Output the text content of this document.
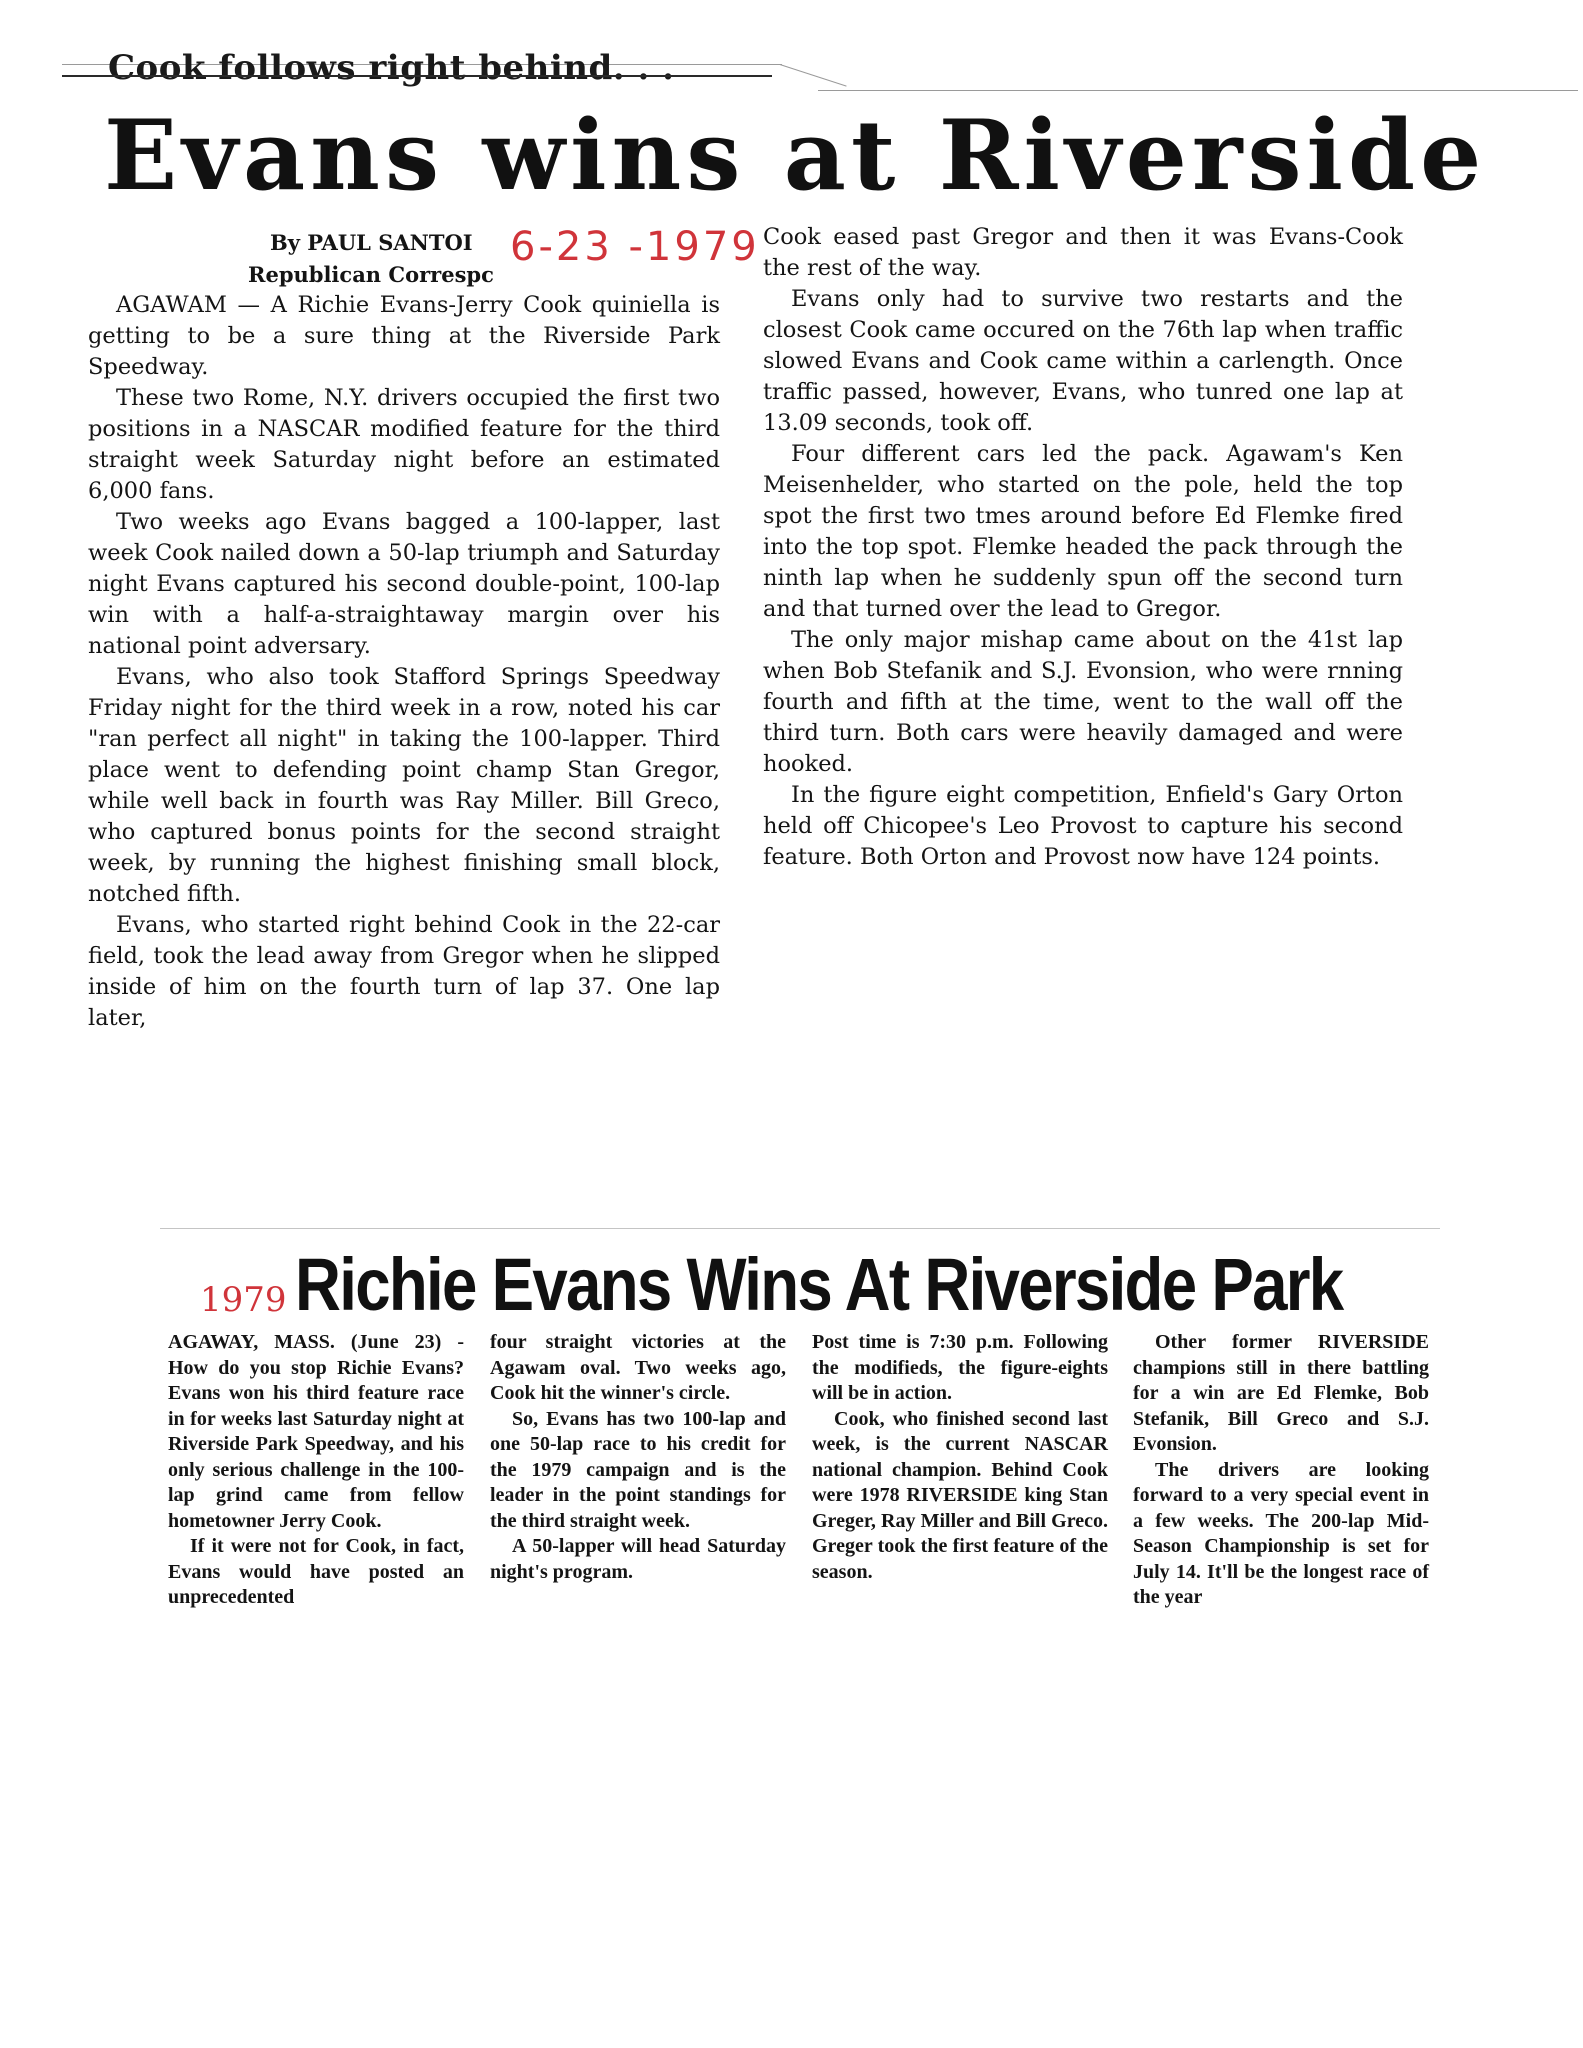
Cook follows right behind. . .
Evans wins at Riverside
By PAUL SANTOI
Republican Correspc
6-23 -1979

AGAWAM — A Richie Evans-Jerry Cook quiniella is getting to be a sure thing at the Riverside Park Speedway.

These two Rome, N.Y. drivers occupied the first two positions in a NASCAR modified feature for the third straight week Saturday night before an estimated 6,000 fans.

Two weeks ago Evans bagged a 100-lapper, last week Cook nailed down a 50-lap triumph and Saturday night Evans captured his second double-point, 100-lap win with a half-a-straightaway margin over his national point adversary.

Evans, who also took Stafford Springs Speedway Friday night for the third week in a row, noted his car "ran perfect all night" in taking the 100-lapper. Third place went to defending point champ Stan Gregor, while well back in fourth was Ray Miller. Bill Greco, who captured bonus points for the second straight week, by running the highest finishing small block, notched fifth.

Evans, who started right behind Cook in the 22-car field, took the lead away from Gregor when he slipped inside of him on the fourth turn of lap 37. One lap later,

Cook eased past Gregor and then it was Evans-Cook the rest of the way.

Evans only had to survive two restarts and the closest Cook came occured on the 76th lap when traffic slowed Evans and Cook came within a carlength. Once traffic passed, however, Evans, who tunred one lap at 13.09 seconds, took off.

Four different cars led the pack. Agawam's Ken Meisenhelder, who started on the pole, held the top spot the first two tmes around before Ed Flemke fired into the top spot. Flemke headed the pack through the ninth lap when he suddenly spun off the second turn and that turned over the lead to Gregor.

The only major mishap came about on the 41st lap when Bob Stefanik and S.J. Evonsion, who were rnning fourth and fifth at the time, went to the wall off the third turn. Both cars were heavily damaged and were hooked.

In the figure eight competition, Enfield's Gary Orton held off Chicopee's Leo Provost to capture his second feature. Both Orton and Provost now have 124 points.

1979 Richie Evans Wins At Riverside Park

AGAWAY, MASS. (June 23) - How do you stop Richie Evans? Evans won his third feature race in for weeks last Saturday night at Riverside Park Speedway, and his only serious challenge in the 100-lap grind came from fellow hometowner Jerry Cook.

If it were not for Cook, in fact, Evans would have posted an unprecedented

four straight victories at the Agawam oval. Two weeks ago, Cook hit the winner's circle.

So, Evans has two 100-lap and one 50-lap race to his credit for the 1979 campaign and is the leader in the point standings for the third straight week.

A 50-lapper will head Saturday night's program.

Post time is 7:30 p.m. Following the modifieds, the figure-eights will be in action.

Cook, who finished second last week, is the current NASCAR national champion. Behind Cook were 1978 RIVERSIDE king Stan Greger, Ray Miller and Bill Greco. Greger took the first feature of the season.

Other former RIVERSIDE champions still in there battling for a win are Ed Flemke, Bob Stefanik, Bill Greco and S.J. Evonsion.

The drivers are looking forward to a very special event in a few weeks. The 200-lap Mid-Season Championship is set for July 14. It'll be the longest race of the year
